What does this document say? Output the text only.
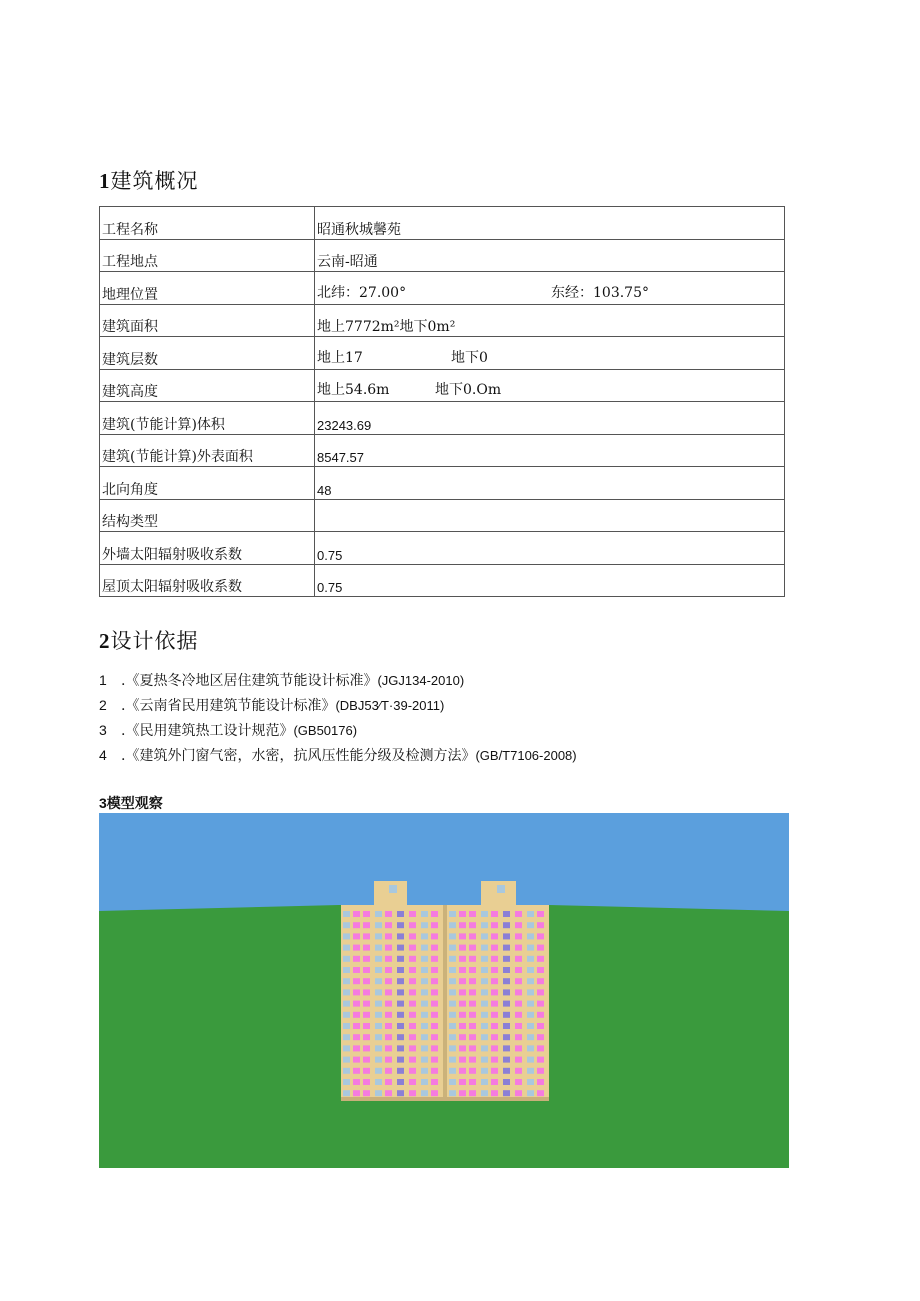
1建筑概况
工程名称	昭通秋城馨苑
工程地点	云南-昭通
地理位置	北纬：27.00° 东经：103.75°

建筑面积	地上7772m²地下0m²
建筑层数	地上17 地下0

建筑高度	地上54.6m 地下0.Om

建筑(节能计算)体积	23243.69
建筑(节能计算)外表面积	8547.57
北向角度	48
结构类型	
外墙太阳辐射吸收系数	0.75
屋顶太阳辐射吸收系数	0.75
2设计依据
1 .《夏热冬冷地区居住建筑节能设计标准》(JGJ134-2010)
2 .《云南省民用建筑节能设计标准》(DBJ53∕T·39-2011)
3 .《民用建筑热工设计规范》(GB50176)
4 .《建筑外门窗气密，水密，抗风压性能分级及检测方法》(GB/T7106-2008)
3模型观察
